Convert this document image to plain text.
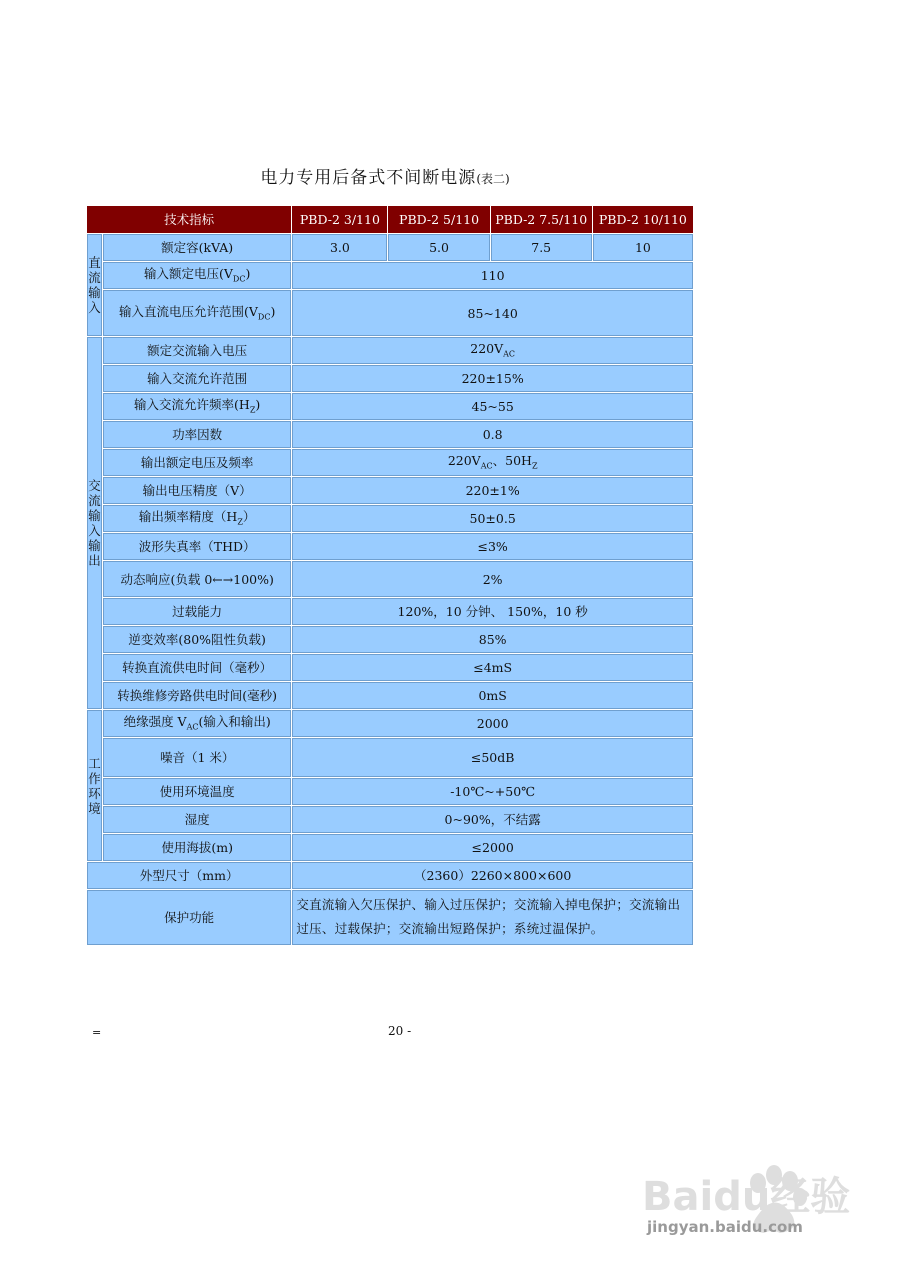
电力专用后备式不间断电源(表二)
技术指标		PBD-2 3/110	PBD-2 5/110	PBD-2 7.5/110	PBD-2 10/110
直流输入	额定容(kVA)	3.0	5.0	7.5	10
	输入额定电压$(V_{DC})$	110			
	输入直流电压允许范围$(V_{DC})$	85~140			
交流输入输出	额定交流输入电压	$220V_{AC}$
	输入交流允许范围	220±15%			
	输入交流允许频率$(H_Z)$	45~55			
	功率因数	0.8			
	输出额定电压及频率	$220V_{AC}$、$50H_Z$
	输出电压精度（V）	220±1%			
	输出频率精度$(H_Z)$	50±0.5			
	波形失真率（THD）	≤3%			
	动态响应(负载 0←→100%)	2%			
	过载能力	120%，10 分钟、 150%，10 秒			
	逆变效率(80%阻性负载)	85%			
	转换直流供电时间（毫秒）	≤4mS			
	转换维修旁路供电时间(毫秒)	0mS			
工作环境	绝缘强度 $V_{AC}$(输入和输出)	2000			
	噪音（1 米）	≤50dB			
	使用环境温度	-10℃~+50℃			
	湿度	0~90%，不结露			
	使用海拔(m)	≤2000			
外型尺寸（mm）		（2360）2260×800×600			
保护功能		交直流输入欠压保护、输入过压保护；交流输入掉电保护；交流输出过压、过载保护；交流输出短路保护；系统过温保护。			
=	20 -
Baidu经验
jingyan.baidu.com
